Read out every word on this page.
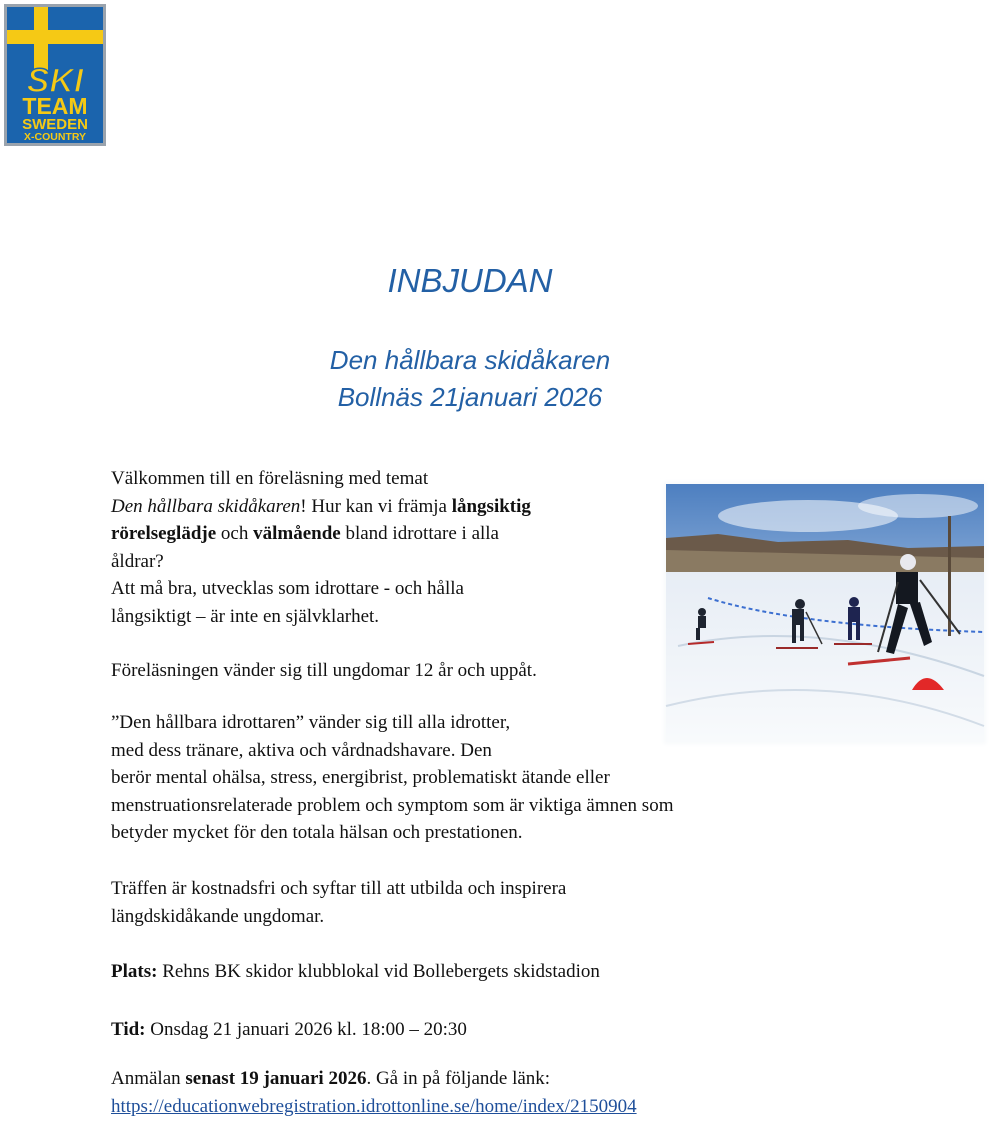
SKI
TEAM
SWEDEN
X-COUNTRY
INBJUDAN
Den hållbara skidåkaren
Bollnäs 21januari 2026

Välkommen till en föreläsning med temat
Den hållbara skidåkaren! Hur kan vi främja långsiktig
rörelseglädje och välmående bland idrottare i alla
åldrar?
Att må bra, utvecklas som idrottare - och hålla
långsiktigt – är inte en självklarhet.

Föreläsningen vänder sig till ungdomar 12 år och uppåt.

”Den hållbara idrottaren” vänder sig till alla idrotter,
med dess tränare, aktiva och vårdnadshavare. Den
berör mental ohälsa, stress, energibrist, problematiskt ätande eller
menstruationsrelaterade problem och symptom som är viktiga ämnen som
betyder mycket för den totala hälsan och prestationen.

Träffen är kostnadsfri och syftar till att utbilda och inspirera
längdskidåkande ungdomar.

Plats: Rehns BK skidor klubblokal vid Bollebergets skidstadion

Tid: Onsdag 21 januari 2026 kl. 18:00 – 20:30

Anmälan senast 19 januari 2026. Gå in på följande länk:
https://educationwebregistration.idrottonline.se/home/index/2150904
